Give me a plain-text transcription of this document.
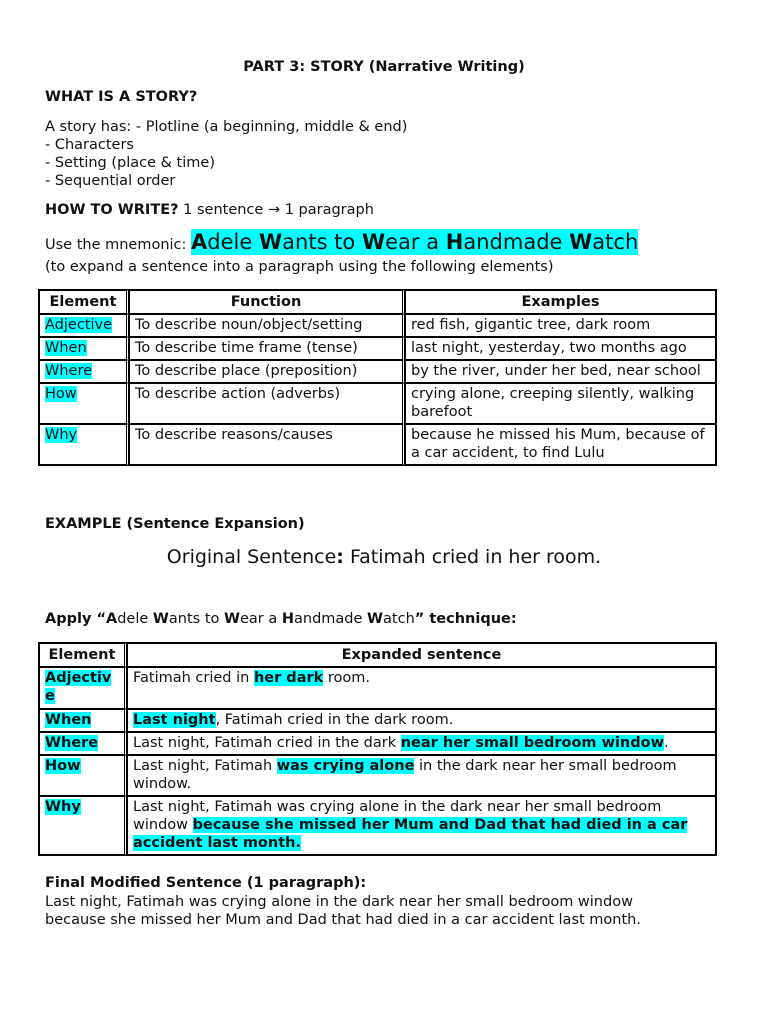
PART 3: STORY (Narrative Writing)
WHAT IS A STORY?
A story has: - Plotline (a beginning, middle & end)
- Characters
- Setting (place & time)
- Sequential order
HOW TO WRITE? 1 sentence → 1 paragraph
Use the mnemonic: Adele Wants to Wear a Handmade Watch
(to expand a sentence into a paragraph using the following elements)
Element	Function	Examples
Adjective	To describe noun/object/setting	red fish, gigantic tree, dark room
When	To describe time frame (tense)	last night, yesterday, two months ago
Where	To describe place (preposition)	by the river, under her bed, near school
How	To describe action (adverbs)	crying alone, creeping silently, walking barefoot
Why	To describe reasons/causes	because he missed his Mum, because of a car accident, to find Lulu
EXAMPLE (Sentence Expansion)
Original Sentence: Fatimah cried in her room.
Apply “Adele Wants to Wear a Handmade Watch” technique:
Element	Expanded sentence
Adjective	Fatimah cried in her dark room.
When	Last night, Fatimah cried in the dark room.
Where	Last night, Fatimah cried in the dark near her small bedroom window.
How	Last night, Fatimah was crying alone in the dark near her small bedroom window.
Why	Last night, Fatimah was crying alone in the dark near her small bedroom window because she missed her Mum and Dad that had died in a car accident last month.
Final Modified Sentence (1 paragraph):
Last night, Fatimah was crying alone in the dark near her small bedroom window because she missed her Mum and Dad that had died in a car accident last month.
